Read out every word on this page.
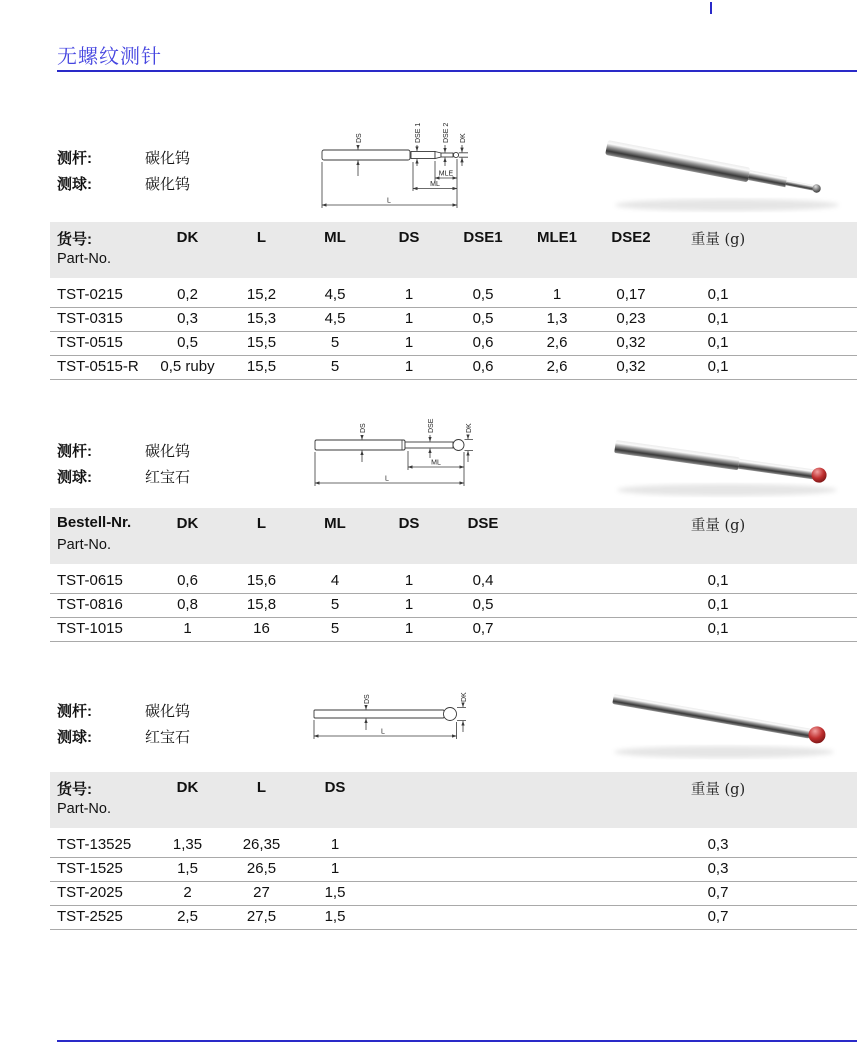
无螺纹测针
测杆:	碳化钨
测球:	碳化钨
DS	DSE 1	DSE 2 DK
MLE
ML
L
货号:
Part-No.
DK	L	ML	DS	DSE1	MLE1	DSE2	重量 (g)
TST-0215	0,2	15,2	4,5	1	0,5	1	0,17	0,1
TST-0315	0,3	15,3	4,5	1	0,5	1,3	0,23	0,1
TST-0515	0,5	15,5	5	1	0,6	2,6	0,32	0,1
TST-0515-R	0,5 ruby	15,5	5	1	0,6	2,6	0,32	0,1
测杆:	碳化钨
测球:	红宝石
DS	DSE	DK
ML
L
Bestell-Nr.
Part-No.
DK	L	ML	DS	DSE	重量 (g)
TST-0615	0,6	15,6	4	1	0,4	0,1
TST-0816	0,8	15,8	5	1	0,5	0,1
TST-1015	1	16	5	1	0,7	0,1
测杆:	碳化钨
测球:	红宝石
DS	DK
L
货号:
Part-No.
DK	L	DS	重量 (g)
TST-13525	1,35	26,35	1	0,3
TST-1525	1,5	26,5	1	0,3
TST-2025	2	27	1,5	0,7
TST-2525	2,5	27,5	1,5	0,7
